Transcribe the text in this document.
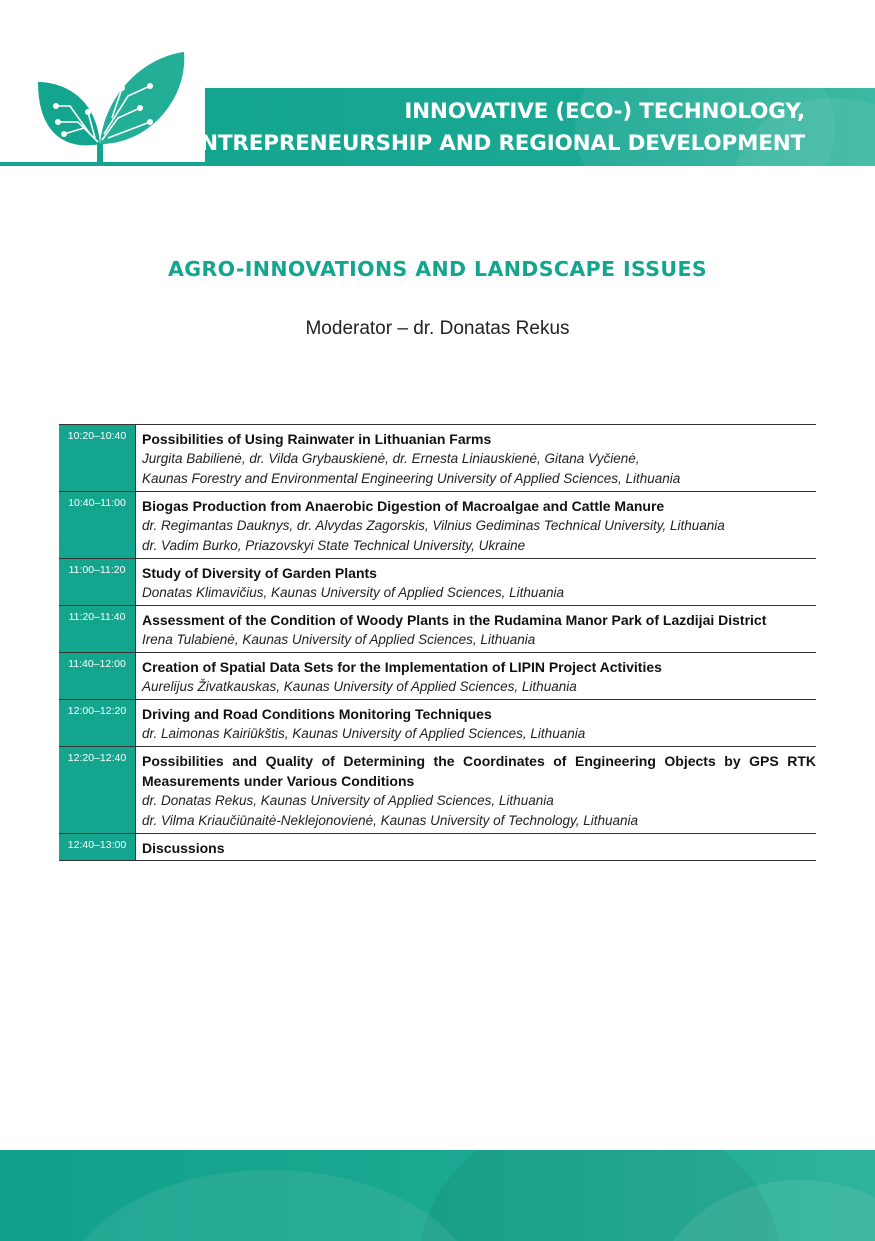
INNOVATIVE (ECO-) TECHNOLOGY,
ENTREPRENEURSHIP AND REGIONAL DEVELOPMENT
AGRO-INNOVATIONS AND LANDSCAPE ISSUES
Moderator – dr. Donatas Rekus
10:20–10:40	Possibilities of Using Rainwater in Lithuanian Farms
Jurgita Babilienė, dr. Vilda Grybauskienė, dr. Ernesta Liniauskienė, Gitana Vyčienė,
Kaunas Forestry and Environmental Engineering University of Applied Sciences, Lithuania

10:40–11:00	Biogas Production from Anaerobic Digestion of Macroalgae and Cattle Manure
dr. Regimantas Dauknys, dr. Alvydas Zagorskis, Vilnius Gediminas Technical University, Lithuania
dr. Vadim Burko, Priazovskyi State Technical University, Ukraine

11:00–11:20	Study of Diversity of Garden Plants
Donatas Klimavičius, Kaunas University of Applied Sciences, Lithuania

11:20–11:40	Assessment of the Condition of Woody Plants in the Rudamina Manor Park of Lazdijai District
Irena Tulabienė, Kaunas University of Applied Sciences, Lithuania

11:40–12:00	Creation of Spatial Data Sets for the Implementation of LIPIN Project Activities
Aurelijus Živatkauskas, Kaunas University of Applied Sciences, Lithuania

12:00–12:20	Driving and Road Conditions Monitoring Techniques
dr. Laimonas Kairiūkštis, Kaunas University of Applied Sciences, Lithuania

12:20–12:40	Possibilities and Quality of Determining the Coordinates of Engineering Objects by GPS RTK Measurements under Various Conditions
dr. Donatas Rekus, Kaunas University of Applied Sciences, Lithuania
dr. Vilma Kriaučiūnaitė-Neklejonovienė, Kaunas University of Technology, Lithuania

12:40–13:00	Discussions
